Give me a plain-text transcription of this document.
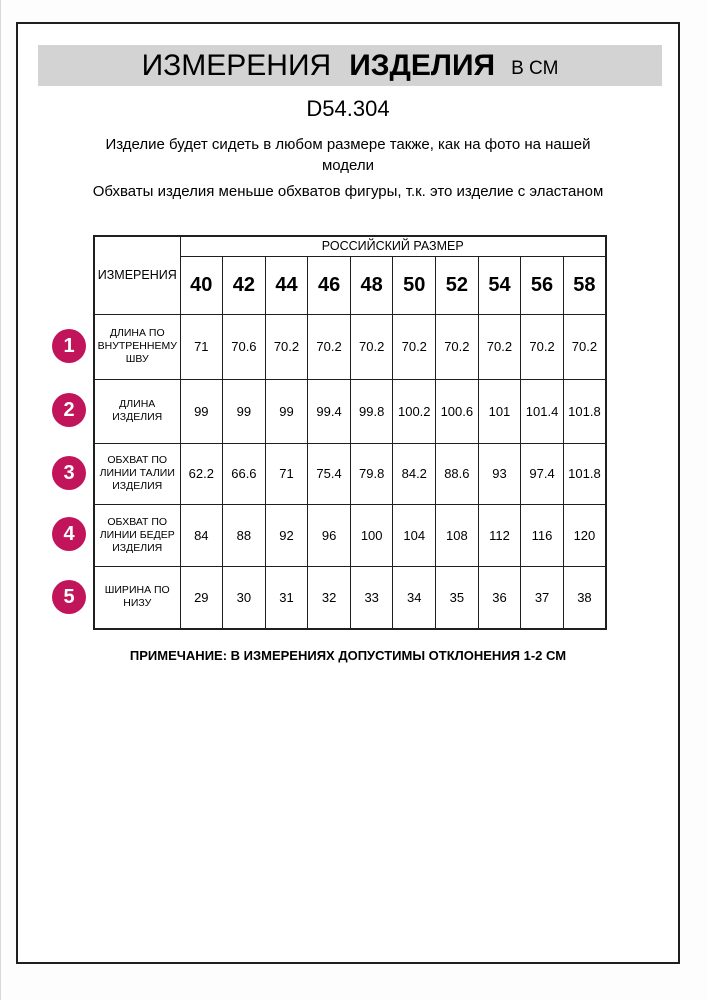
ИЗМЕРЕНИЯ ИЗДЕЛИЯ В СМ
D54.304

Изделие будет сидеть в любом размере также, как на фото на нашей модели

Обхваты изделия меньше обхватов фигуры, т.к. это изделие с эластаном

ИЗМЕРЕНИЯ	РОССИЙСКИЙ РАЗМЕР									
	40	42	44	46	48	50	52	54	56	58
ДЛИНА ПО ВНУТРЕННЕМУ ШВУ	71	70.6	70.2	70.2	70.2	70.2	70.2	70.2	70.2	70.2
ДЛИНА ИЗДЕЛИЯ	99	99	99	99.4	99.8	100.2	100.6	101	101.4	101.8
ОБХВАТ ПО ЛИНИИ ТАЛИИ ИЗДЕЛИЯ	62.2	66.6	71	75.4	79.8	84.2	88.6	93	97.4	101.8
ОБХВАТ ПО ЛИНИИ БЕДЕР ИЗДЕЛИЯ	84	88	92	96	100	104	108	112	116	120
ШИРИНА ПО НИЗУ	29	30	31	32	33	34	35	36	37	38
1
2
3
4
5
ПРИМЕЧАНИЕ: В ИЗМЕРЕНИЯХ ДОПУСТИМЫ ОТКЛОНЕНИЯ 1-2 СМ
